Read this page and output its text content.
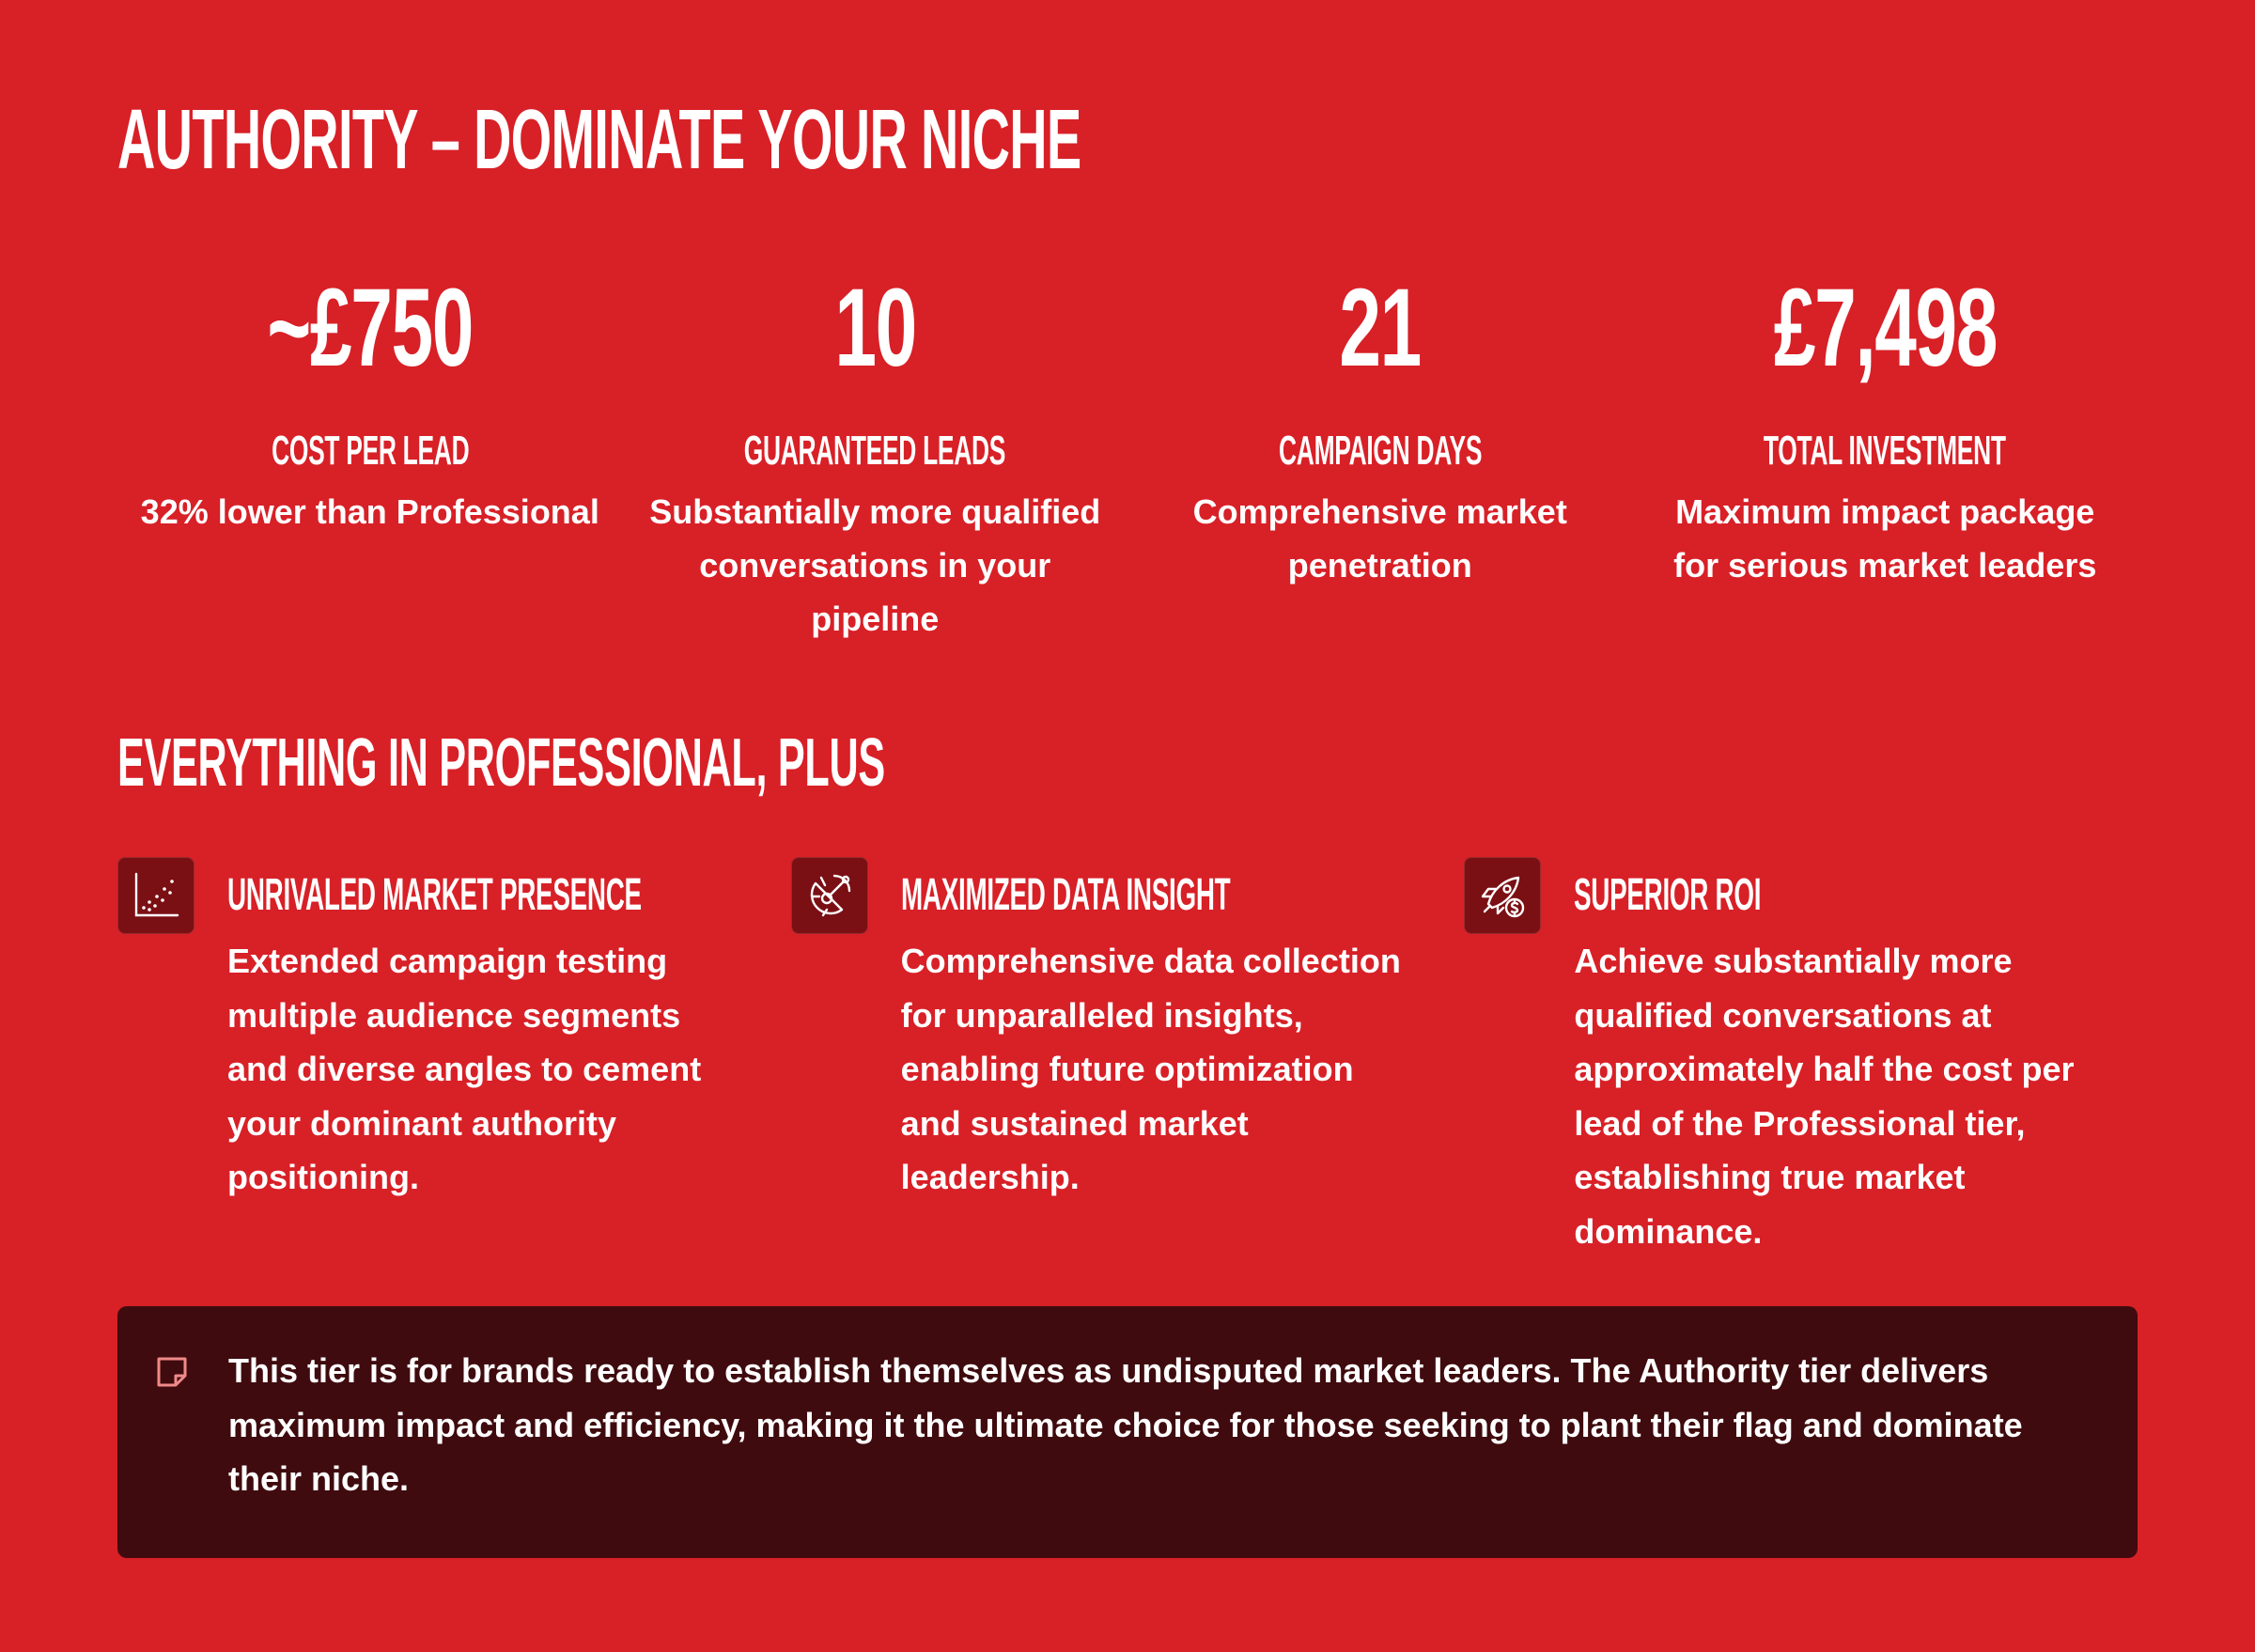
AUTHORITY – DOMINATE YOUR NICHE
~£750
COST PER LEAD
32% lower than Professional
10
GUARANTEED LEADS
Substantially more qualified conversations in your pipeline
21
CAMPAIGN DAYS
Comprehensive market penetration
£7,498
TOTAL INVESTMENT
Maximum impact package for serious market leaders
EVERYTHING IN PROFESSIONAL, PLUS
UNRIVALED MARKET PRESENCE
Extended campaign testing multiple audience segments and diverse angles to cement your dominant authority positioning.
MAXIMIZED DATA INSIGHT
Comprehensive data collection for unparalleled insights, enabling future optimization and sustained market leadership.
SUPERIOR ROI
Achieve substantially more qualified conversations at approximately half the cost per lead of the Professional tier, establishing true market dominance.
This tier is for brands ready to establish themselves as undisputed market leaders. The Authority tier delivers maximum impact and efficiency, making it the ultimate choice for those seeking to plant their flag and dominate their niche.
